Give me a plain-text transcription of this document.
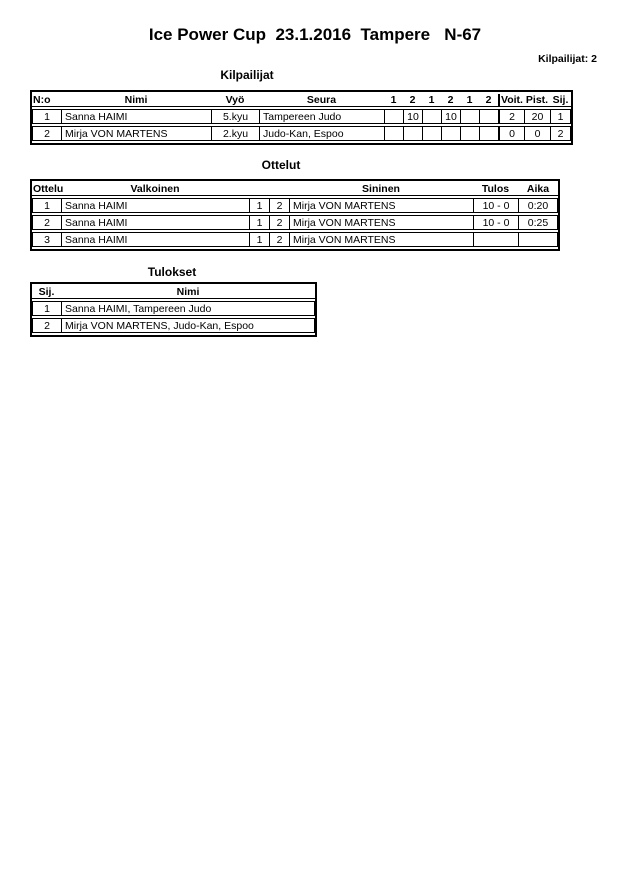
Ice Power Cup  23.1.2016  Tampere   N-67
Kilpailijat: 2
Kilpailijat
N:o	Nimi	Vyö	Seura	1	2	1	2	1	2	Voit.	Pist.	Sij.
1	Sanna HAIMI	5.kyu	Tampereen Judo		10		10			2	20	1
2	Mirja VON MARTENS	2.kyu	Judo-Kan, Espoo							0	0	2
Ottelut
Ottelu	Valkoinen			Sininen	Tulos	Aika
1	Sanna HAIMI	1	2	Mirja VON MARTENS	10 - 0	0:20
2	Sanna HAIMI	1	2	Mirja VON MARTENS	10 - 0	0:25
3	Sanna HAIMI	1	2	Mirja VON MARTENS		
Tulokset
Sij.	Nimi
1	Sanna HAIMI, Tampereen Judo
2	Mirja VON MARTENS, Judo-Kan, Espoo
